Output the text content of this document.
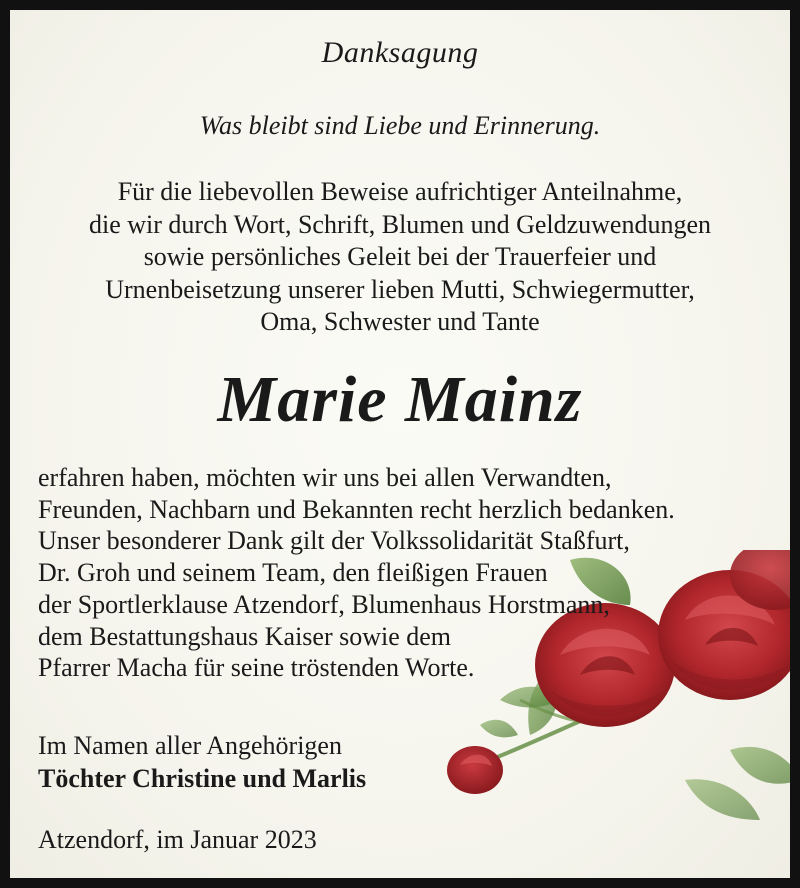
Danksagung
Was bleibt sind Liebe und Erinnerung.
Für die liebevollen Beweise aufrichtiger Anteilnahme,
die wir durch Wort, Schrift, Blumen und Geldzuwendungen
sowie persönliches Geleit bei der Trauerfeier und
Urnenbeisetzung unserer lieben Mutti, Schwiegermutter,
Oma, Schwester und Tante
Marie Mainz
erfahren haben, möchten wir uns bei allen Verwandten,
Freunden, Nachbarn und Bekannten recht herzlich bedanken.
Unser besonderer Dank gilt der Volkssolidarität Staßfurt,
Dr. Groh und seinem Team, den fleißigen Frauen
der Sportlerklause Atzendorf, Blumenhaus Horstmann,
dem Bestattungshaus Kaiser sowie dem
Pfarrer Macha für seine tröstenden Worte.
Im Namen aller Angehörigen
Töchter Christine und Marlis
Atzendorf, im Januar 2023
